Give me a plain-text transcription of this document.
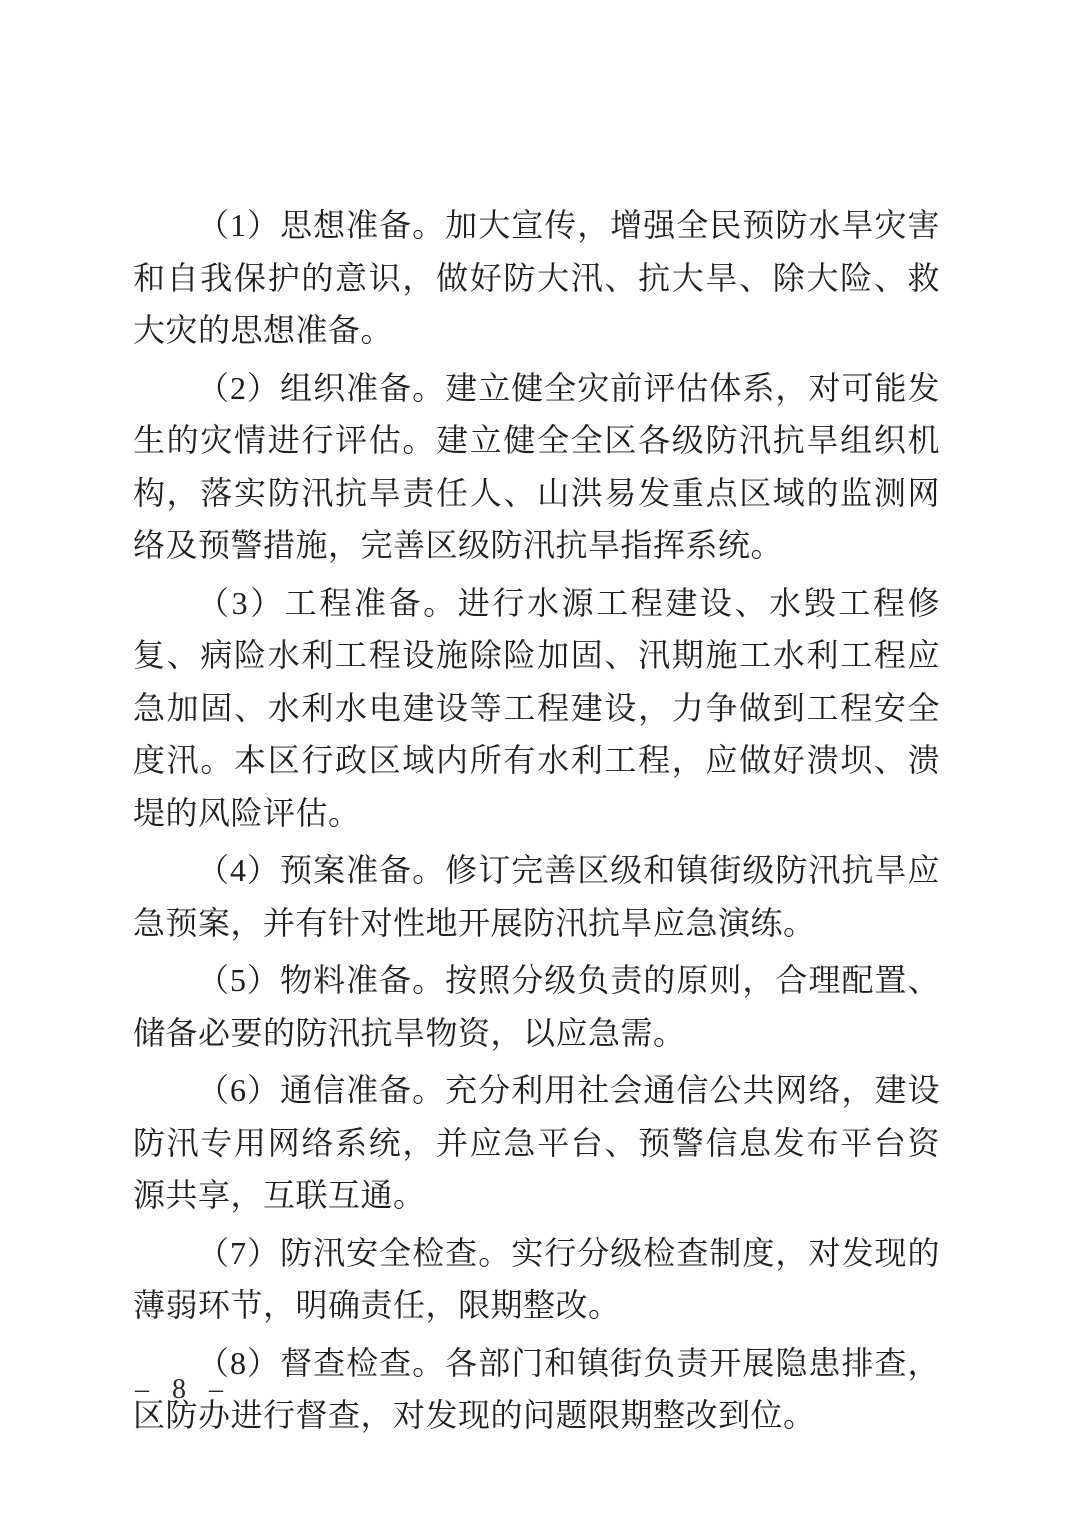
（1）思想准备。加大宣传，增强全民预防水旱灾害和自我保护的意识，做好防大汛、抗大旱、除大险、救大灾的思想准备。

（2）组织准备。建立健全灾前评估体系，对可能发生的灾情进行评估。建立健全全区各级防汛抗旱组织机构，落实防汛抗旱责任人、山洪易发重点区域的监测网络及预警措施，完善区级防汛抗旱指挥系统。

（3）工程准备。进行水源工程建设、水毁工程修复、病险水利工程设施除险加固、汛期施工水利工程应急加固、水利水电建设等工程建设，力争做到工程安全度汛。本区行政区域内所有水利工程，应做好溃坝、溃堤的风险评估。

（4）预案准备。修订完善区级和镇街级防汛抗旱应急预案，并有针对性地开展防汛抗旱应急演练。

（5）物料准备。按照分级负责的原则，合理配置、储备必要的防汛抗旱物资，以应急需。

（6）通信准备。充分利用社会通信公共网络，建设防汛专用网络系统，并应急平台、预警信息发布平台资源共享，互联互通。

（7）防汛安全检查。实行分级检查制度，对发现的薄弱环节，明确责任，限期整改。

（8）督查检查。各部门和镇街负责开展隐患排查，区防办进行督查，对发现的问题限期整改到位。

– 8 –
